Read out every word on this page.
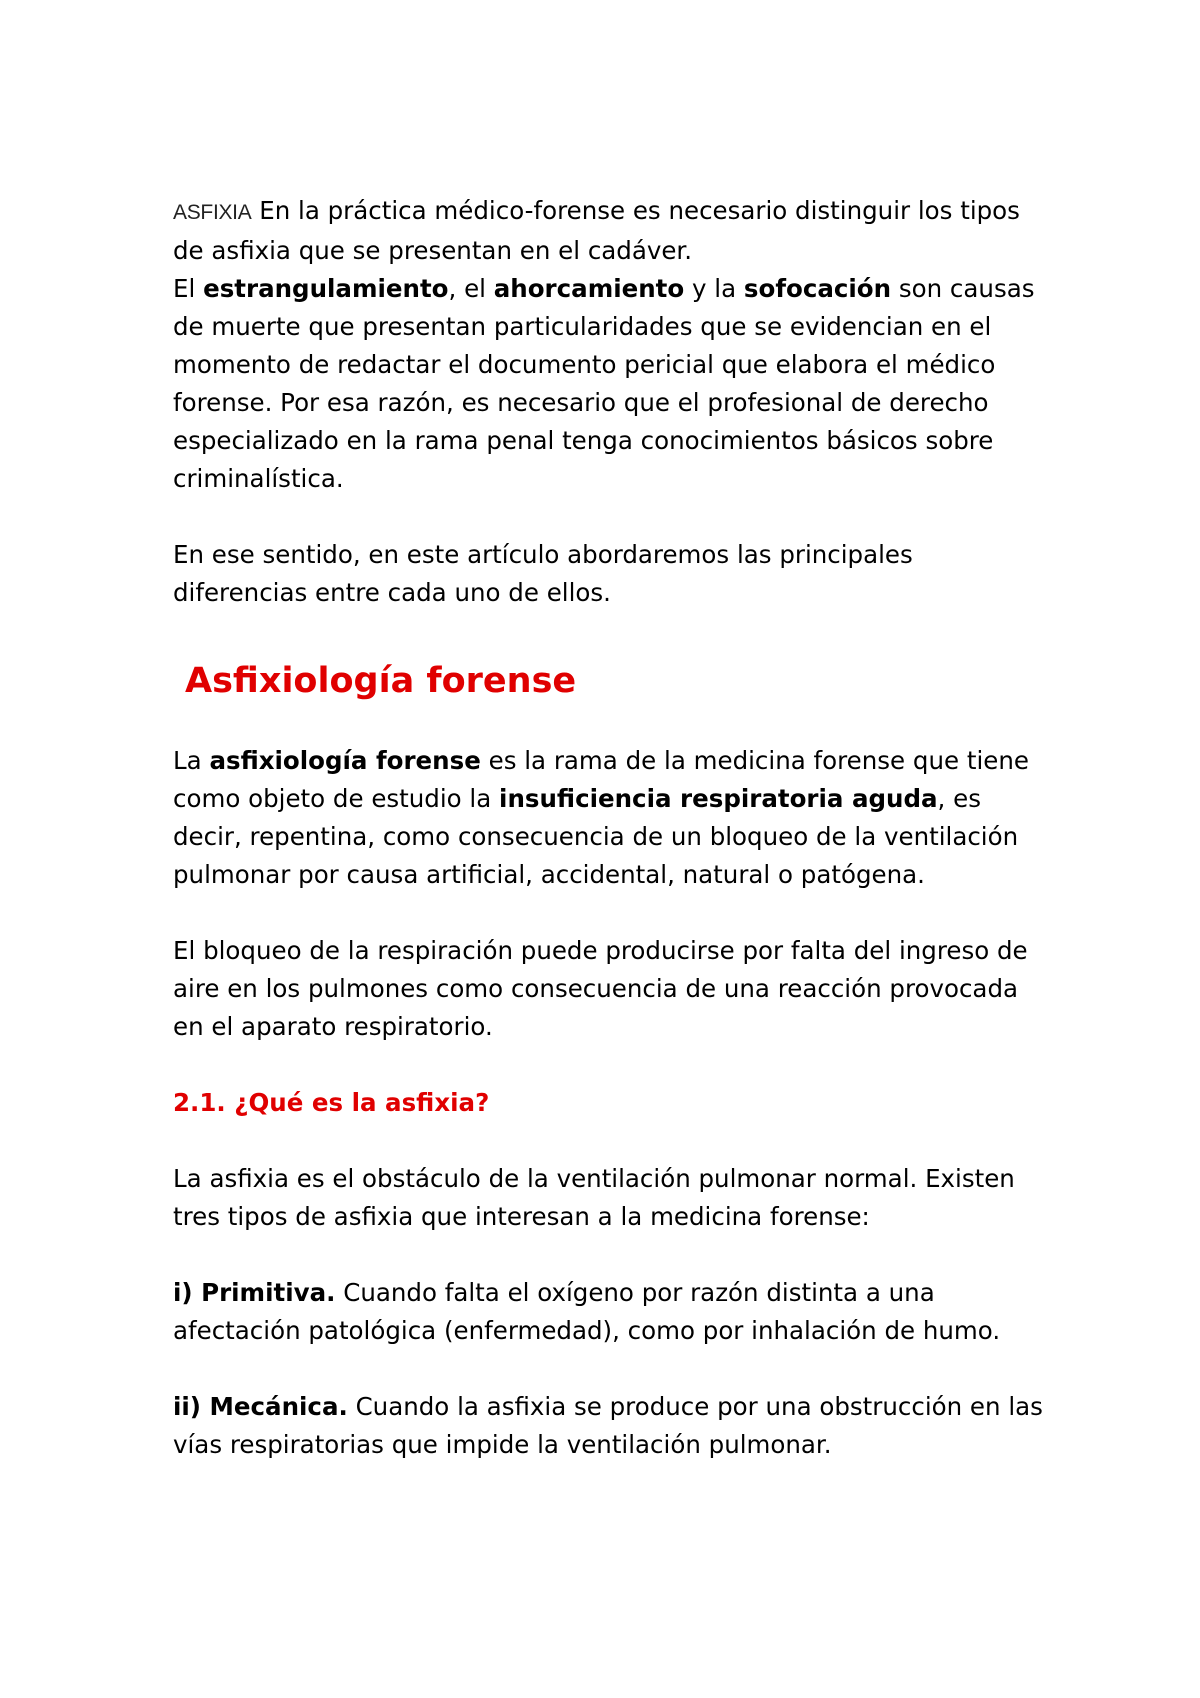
ASFIXIA En la práctica médico-forense es necesario distinguir los tipos de asfixia que se presentan en el cadáver.

El estrangulamiento, el ahorcamiento y la sofocación son causas de muerte que presentan particularidades que se evidencian en el momento de redactar el documento pericial que elabora el médico forense. Por esa razón, es necesario que el profesional de derecho especializado en la rama penal tenga conocimientos básicos sobre criminalística.

En ese sentido, en este artículo abordaremos las principales diferencias entre cada uno de ellos.

Asfixiología forense

La asfixiología forense es la rama de la medicina forense que tiene como objeto de estudio la insuficiencia respiratoria aguda, es decir, repentina, como consecuencia de un bloqueo de la ventilación pulmonar por causa artificial, accidental, natural o patógena.

El bloqueo de la respiración puede producirse por falta del ingreso de aire en los pulmones como consecuencia de una reacción provocada en el aparato respiratorio.

2.1. ¿Qué es la asfixia?

La asfixia es el obstáculo de la ventilación pulmonar normal. Existen tres tipos de asfixia que interesan a la medicina forense:

i) Primitiva. Cuando falta el oxígeno por razón distinta a una afectación patológica (enfermedad), como por inhalación de humo.

ii) Mecánica. Cuando la asfixia se produce por una obstrucción en las vías respiratorias que impide la ventilación pulmonar.
